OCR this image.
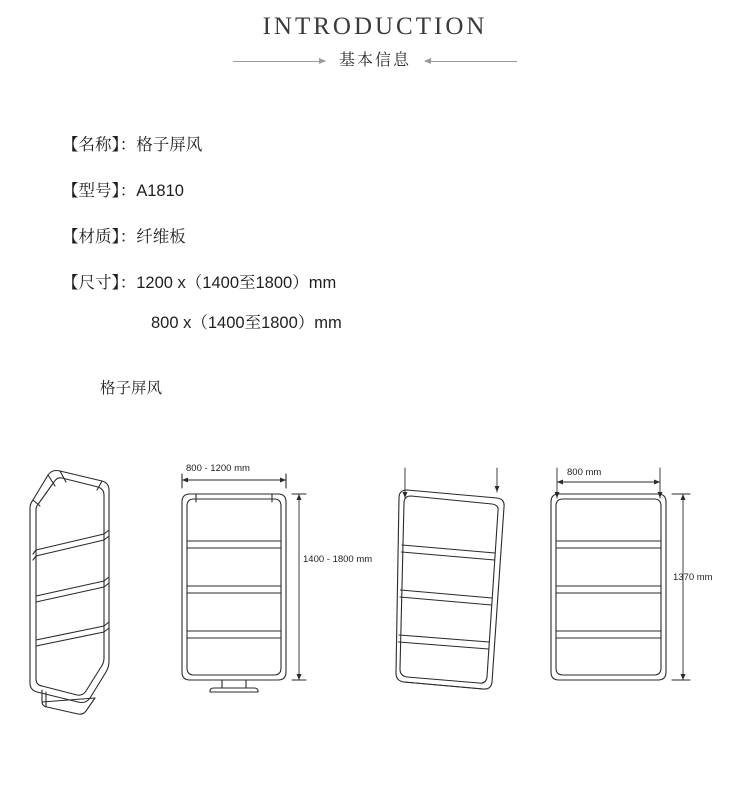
INTRODUCTION
基本信息
【名称】：格子屏风
【型号】：A1810
【材质】：纤维板
【尺寸】：1200 x（1400至1800）mm
800 x（1400至1800）mm
格子屏风
800 - 1200 mm
1400 - 1800 mm
800 mm
1370 mm
